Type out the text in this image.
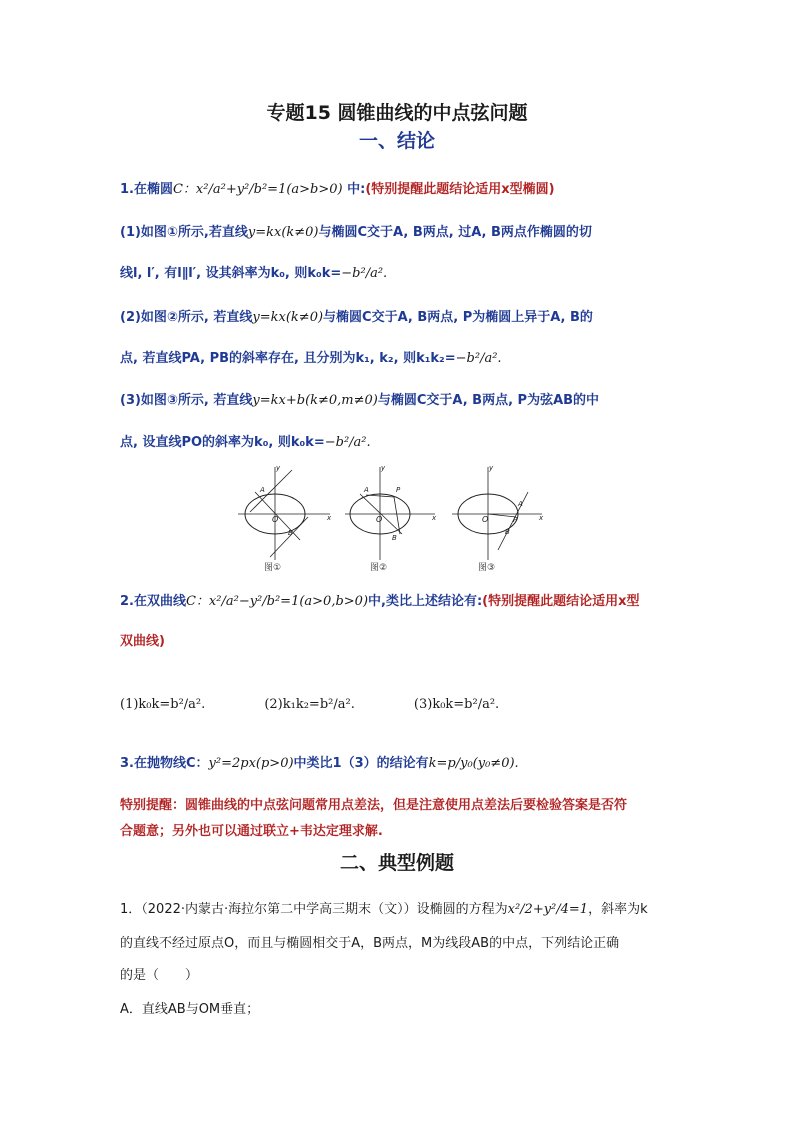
专题15 圆锥曲线的中点弦问题
一、结论
1.在椭圆C：x²/a²+y²/b²=1(a>b>0) 中:(特别提醒此题结论适用x型椭圆)
(1)如图①所示,若直线y=kx(k≠0)与椭圆C交于A, B两点, 过A, B两点作椭圆的切
线l, l′, 有l∥l′, 设其斜率为k₀, 则k₀k=−b²/a².
(2)如图②所示, 若直线y=kx(k≠0)与椭圆C交于A, B两点, P为椭圆上异于A, B的
点, 若直线PA, PB的斜率存在, 且分别为k₁, k₂, 则k₁k₂=−b²/a².
(3)如图③所示, 若直线y=kx+b(k≠0,m≠0)与椭圆C交于A, B两点, P为弦AB的中
点, 设直线PO的斜率为k₀, 则k₀k=−b²/a².
O
A
B
y
x
图①
O
A	P
B
y
x
图②
O
A
P
B
y
x
图③
2.在双曲线C：x²/a²−y²/b²=1(a>0,b>0)中,类比上述结论有:(特别提醒此题结论适用x型
双曲线)
(1)k₀k=b²/a².	(2)k₁k₂=b²/a².	(3)k₀k=b²/a².
3.在抛物线C：y²=2px(p>0)中类比1（3）的结论有k=p/y₀(y₀≠0).
特别提醒：圆锥曲线的中点弦问题常用点差法，但是注意使用点差法后要检验答案是否符
合题意；另外也可以通过联立+韦达定理求解.
二、典型例题
1．（2022·内蒙古·海拉尔第二中学高三期末（文））设椭圆的方程为x²/2+y²/4=1，斜率为k
的直线不经过原点O，而且与椭圆相交于A，B两点，M为线段AB的中点，下列结论正确
的是（　　）
A．直线AB与OM垂直；
